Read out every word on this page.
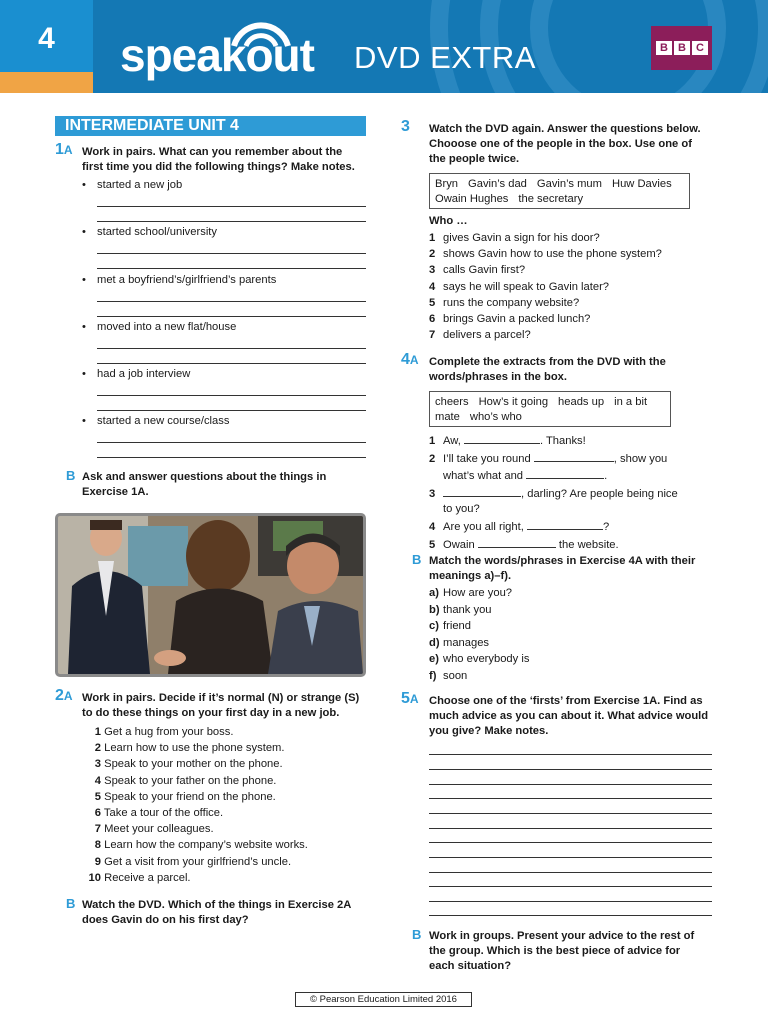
4	speakout DVD EXTRA	B B C
INTERMEDIATE UNIT 4
1A Work in pairs. What can you remember about the
first time you did the following things? Make notes.
• started a new job
• started school/university
• met a boyfriend’s/girlfriend’s parents
• moved into a new flat/house
• had a job interview
• started a new course/class
B Ask and answer questions about the things in
Exercise 1A.
2A Work in pairs. Decide if it’s normal (N) or strange (S)
to do these things on your first day in a new job.
1 Get a hug from your boss.
2 Learn how to use the phone system.
3 Speak to your mother on the phone.
4 Speak to your father on the phone.
5 Speak to your friend on the phone.
6 Take a tour of the office.
7 Meet your colleagues.
8 Learn how the company’s website works.
9 Get a visit from your girlfriend’s uncle.
10 Receive a parcel.
B Watch the DVD. Which of the things in Exercise 2A
does Gavin do on his first day?
3 Watch the DVD again. Answer the questions below.
Chooose one of the people in the box. Use one of
the people twice.
Bryn Gavin’s dad Gavin’s mum Huw Davies
Owain Hughes the secretary
Who …
1 gives Gavin a sign for his door?
2 shows Gavin how to use the phone system?
3 calls Gavin first?
4 says he will speak to Gavin later?
5 runs the company website?
6 brings Gavin a packed lunch?
7 delivers a parcel?
4A Complete the extracts from the DVD with the
words/phrases in the box.
cheers How’s it going heads up in a bit
mate who’s who
1 Aw,	. Thanks!
2 I’ll take you round	, show you
what’s what and	.
3	, darling? Are people being nice
to you?
4 Are you all right,	?
5 Owain	the website.
B Match the words/phrases in Exercise 4A with their
meanings a)–f).
a) How are you?
b) thank you
c) friend
d) manages
e) who everybody is
f) soon
5A Choose one of the ‘firsts’ from Exercise 1A. Find as
much advice as you can about it. What advice would
you give? Make notes.
B Work in groups. Present your advice to the rest of
the group. Which is the best piece of advice for
each situation?
© Pearson Education Limited 2016
